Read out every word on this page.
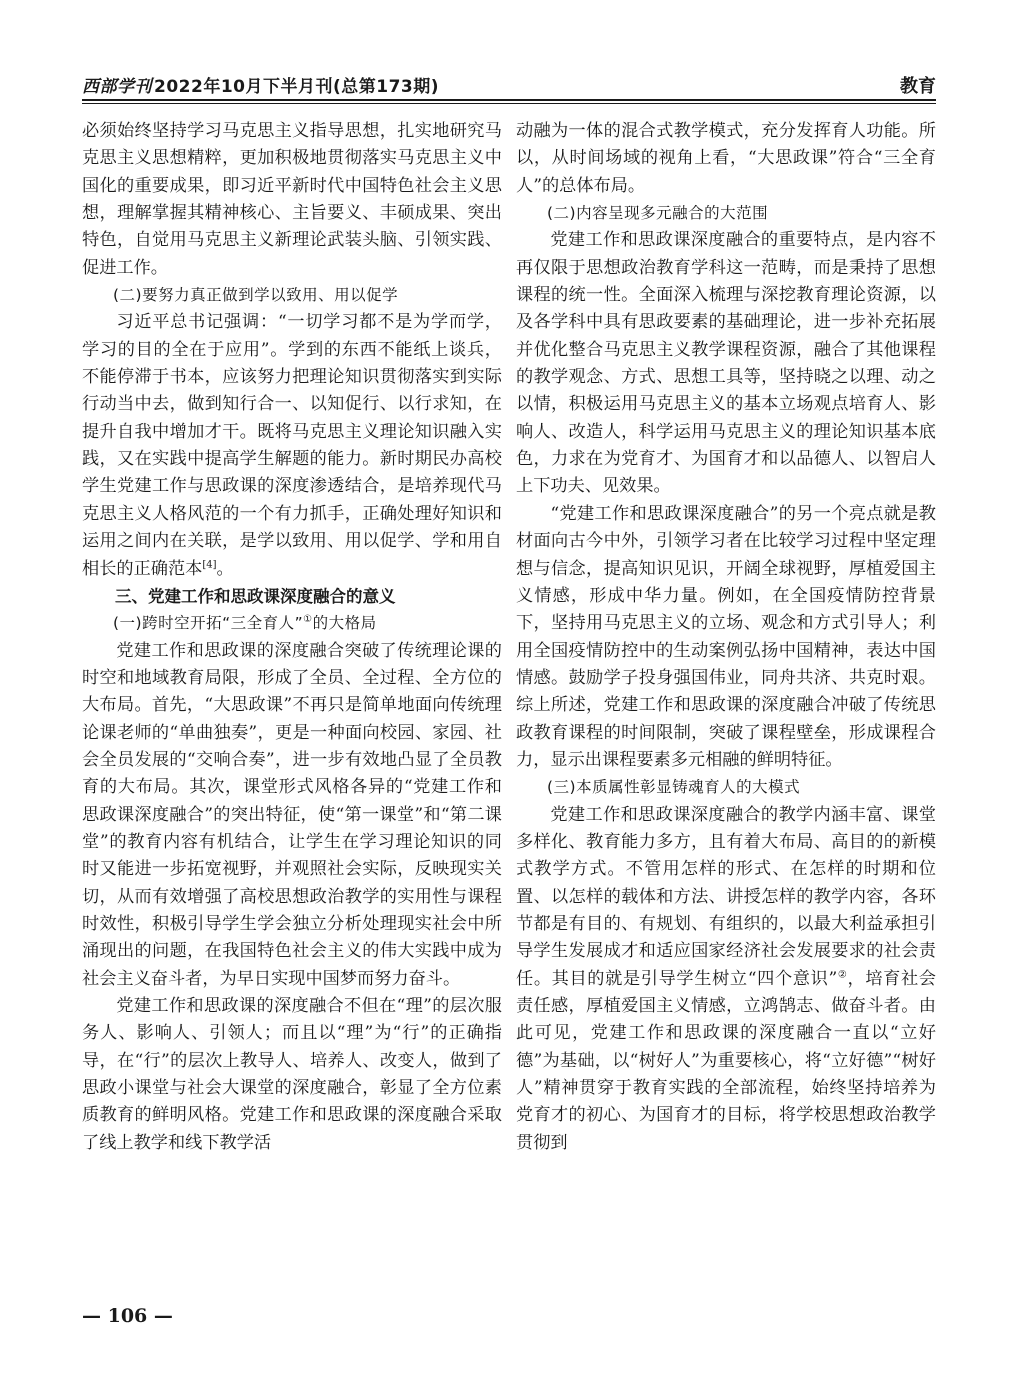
西部学刊 2022年10月下半月刊(总第173期)	教育

必须始终坚持学习马克思主义指导思想，扎实地研究马克思主义思想精粹，更加积极地贯彻落实马克思主义中国化的重要成果，即习近平新时代中国特色社会主义思想，理解掌握其精神核心、主旨要义、丰硕成果、突出特色，自觉用马克思主义新理论武装头脑、引领实践、促进工作。

(二)要努力真正做到学以致用、用以促学

习近平总书记强调：“一切学习都不是为学而学，学习的目的全在于应用”。学到的东西不能纸上谈兵，不能停滞于书本，应该努力把理论知识贯彻落实到实际行动当中去，做到知行合一、以知促行、以行求知，在提升自我中增加才干。既将马克思主义理论知识融入实践，又在实践中提高学生解题的能力。新时期民办高校学生党建工作与思政课的深度渗透结合，是培养现代马克思主义人格风范的一个有力抓手，正确处理好知识和运用之间内在关联，是学以致用、用以促学、学和用自相长的正确范本[4]。

三、党建工作和思政课深度融合的意义

(一)跨时空开拓“三全育人”①的大格局

党建工作和思政课的深度融合突破了传统理论课的时空和地域教育局限，形成了全员、全过程、全方位的大布局。首先，“大思政课”不再只是简单地面向传统理论课老师的“单曲独奏”，更是一种面向校园、家园、社会全员发展的“交响合奏”，进一步有效地凸显了全员教育的大布局。其次，课堂形式风格各异的“党建工作和思政课深度融合”的突出特征，使“第一课堂”和“第二课堂”的教育内容有机结合，让学生在学习理论知识的同时又能进一步拓宽视野，并观照社会实际，反映现实关切，从而有效增强了高校思想政治教学的实用性与课程时效性，积极引导学生学会独立分析处理现实社会中所涌现出的问题，在我国特色社会主义的伟大实践中成为社会主义奋斗者，为早日实现中国梦而努力奋斗。

党建工作和思政课的深度融合不但在“理”的层次服务人、影响人、引领人；而且以“理”为“行”的正确指导，在“行”的层次上教导人、培养人、改变人，做到了思政小课堂与社会大课堂的深度融合，彰显了全方位素质教育的鲜明风格。党建工作和思政课的深度融合采取了线上教学和线下教学活

动融为一体的混合式教学模式，充分发挥育人功能。所以，从时间场域的视角上看，“大思政课”符合“三全育人”的总体布局。

(二)内容呈现多元融合的大范围

党建工作和思政课深度融合的重要特点，是内容不再仅限于思想政治教育学科这一范畴，而是秉持了思想课程的统一性。全面深入梳理与深挖教育理论资源，以及各学科中具有思政要素的基础理论，进一步补充拓展并优化整合马克思主义教学课程资源，融合了其他课程的教学观念、方式、思想工具等，坚持晓之以理、动之以情，积极运用马克思主义的基本立场观点培育人、影响人、改造人，科学运用马克思主义的理论知识基本底色，力求在为党育才、为国育才和以品德人、以智启人上下功夫、见效果。

“党建工作和思政课深度融合”的另一个亮点就是教材面向古今中外，引领学习者在比较学习过程中坚定理想与信念，提高知识见识，开阔全球视野，厚植爱国主义情感，形成中华力量。例如，在全国疫情防控背景下，坚持用马克思主义的立场、观念和方式引导人；利用全国疫情防控中的生动案例弘扬中国精神，表达中国情感。鼓励学子投身强国伟业，同舟共济、共克时艰。综上所述，党建工作和思政课的深度融合冲破了传统思政教育课程的时间限制，突破了课程壁垒，形成课程合力，显示出课程要素多元相融的鲜明特征。

(三)本质属性彰显铸魂育人的大模式

党建工作和思政课深度融合的教学内涵丰富、课堂多样化、教育能力多方，且有着大布局、高目的的新模式教学方式。不管用怎样的形式、在怎样的时期和位置、以怎样的载体和方法、讲授怎样的教学内容，各环节都是有目的、有规划、有组织的，以最大利益承担引导学生发展成才和适应国家经济社会发展要求的社会责任。其目的就是引导学生树立“四个意识”②，培育社会责任感，厚植爱国主义情感，立鸿鹄志、做奋斗者。由此可见，党建工作和思政课的深度融合一直以“立好德”为基础，以“树好人”为重要核心，将“立好德”“树好人”精神贯穿于教育实践的全部流程，始终坚持培养为党育才的初心、为国育才的目标，将学校思想政治教学贯彻到

— 106 —
